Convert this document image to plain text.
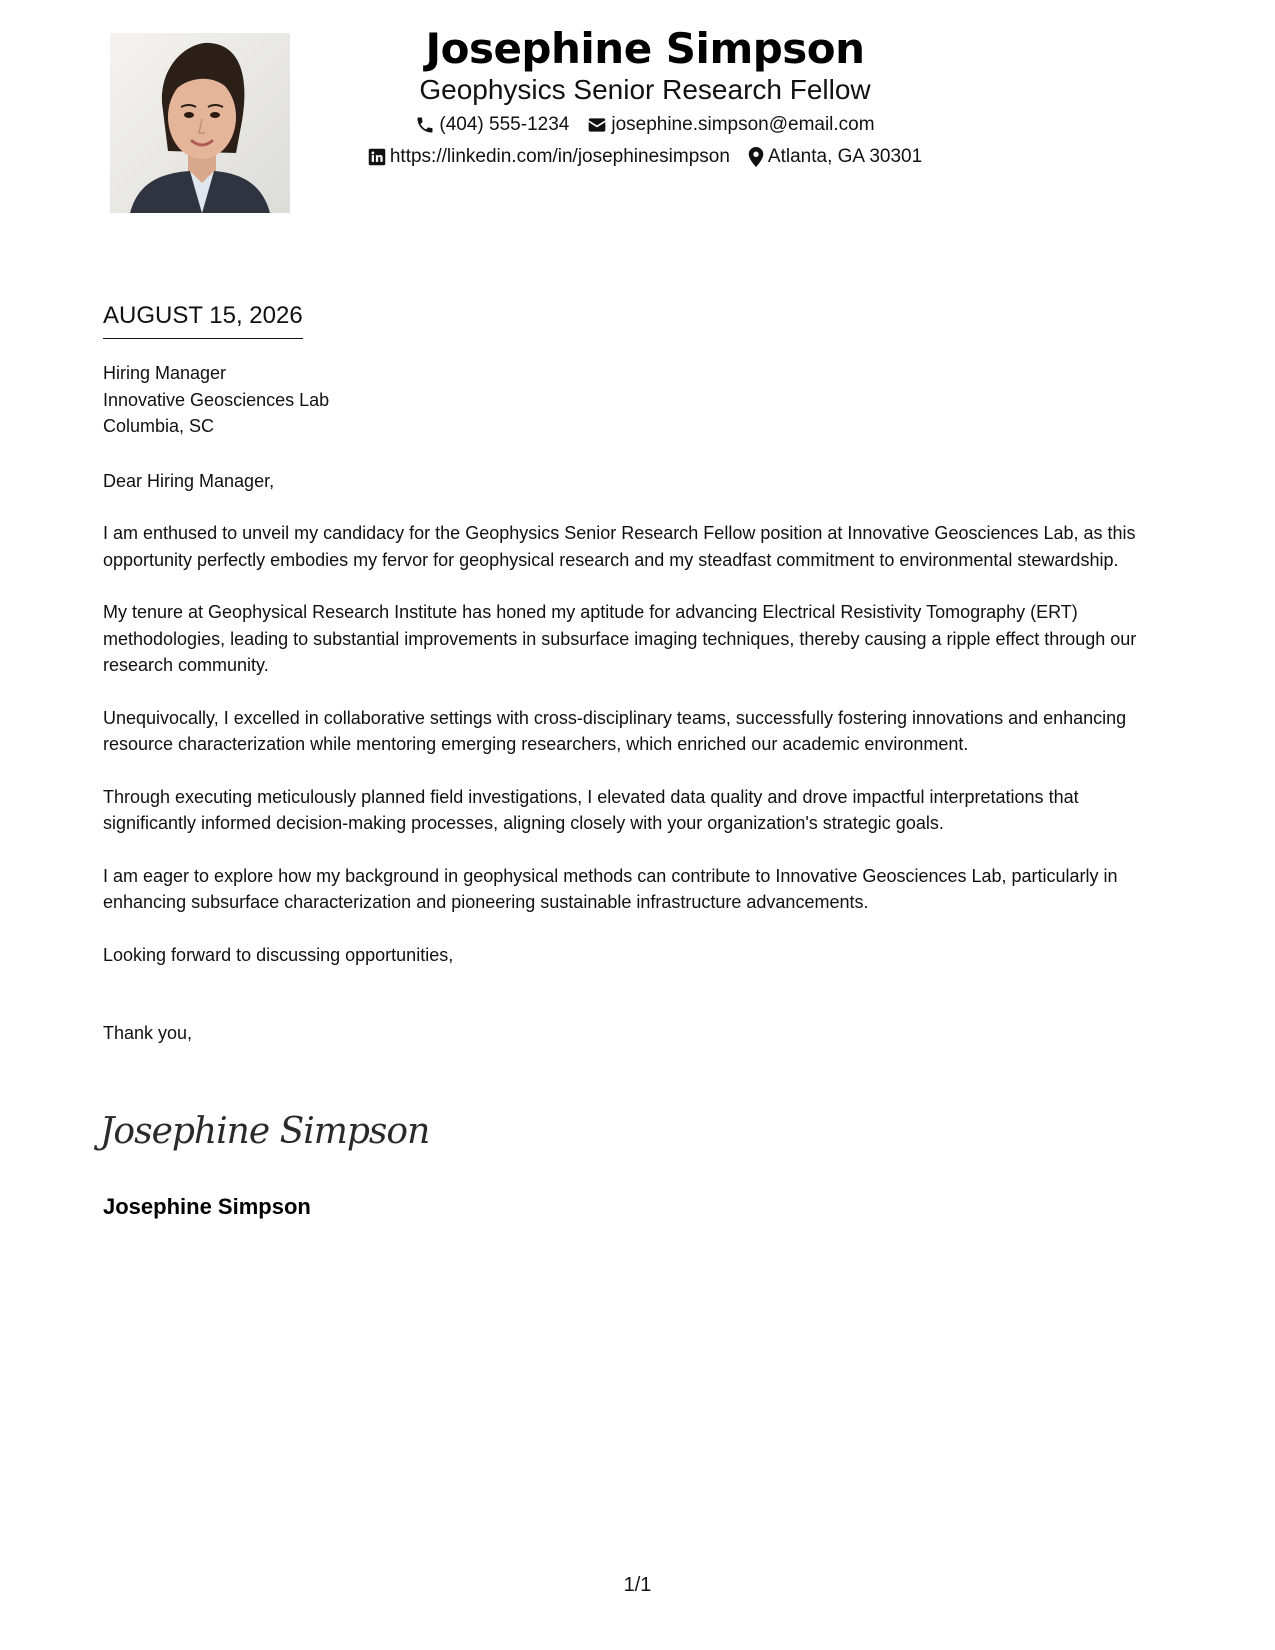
Josephine Simpson
Geophysics Senior Research Fellow
(404) 555-1234 josephine.simpson@email.com
https://linkedin.com/in/josephinesimpson Atlanta, GA 30301
AUGUST 15, 2026
Hiring Manager
Innovative Geosciences Lab
Columbia, SC
Dear Hiring Manager,
I am enthused to unveil my candidacy for the Geophysics Senior Research Fellow position at Innovative Geosciences Lab, as this opportunity perfectly embodies my fervor for geophysical research and my steadfast commitment to environmental stewardship.
My tenure at Geophysical Research Institute has honed my aptitude for advancing Electrical Resistivity Tomography (ERT) methodologies, leading to substantial improvements in subsurface imaging techniques, thereby causing a ripple effect through our research community.
Unequivocally, I excelled in collaborative settings with cross-disciplinary teams, successfully fostering innovations and enhancing resource characterization while mentoring emerging researchers, which enriched our academic environment.
Through executing meticulously planned field investigations, I elevated data quality and drove impactful interpretations that significantly informed decision-making processes, aligning closely with your organization's strategic goals.
I am eager to explore how my background in geophysical methods can contribute to Innovative Geosciences Lab, particularly in enhancing subsurface characterization and pioneering sustainable infrastructure advancements.
Looking forward to discussing opportunities,
Thank you,
Josephine Simpson
Josephine Simpson
1/1
